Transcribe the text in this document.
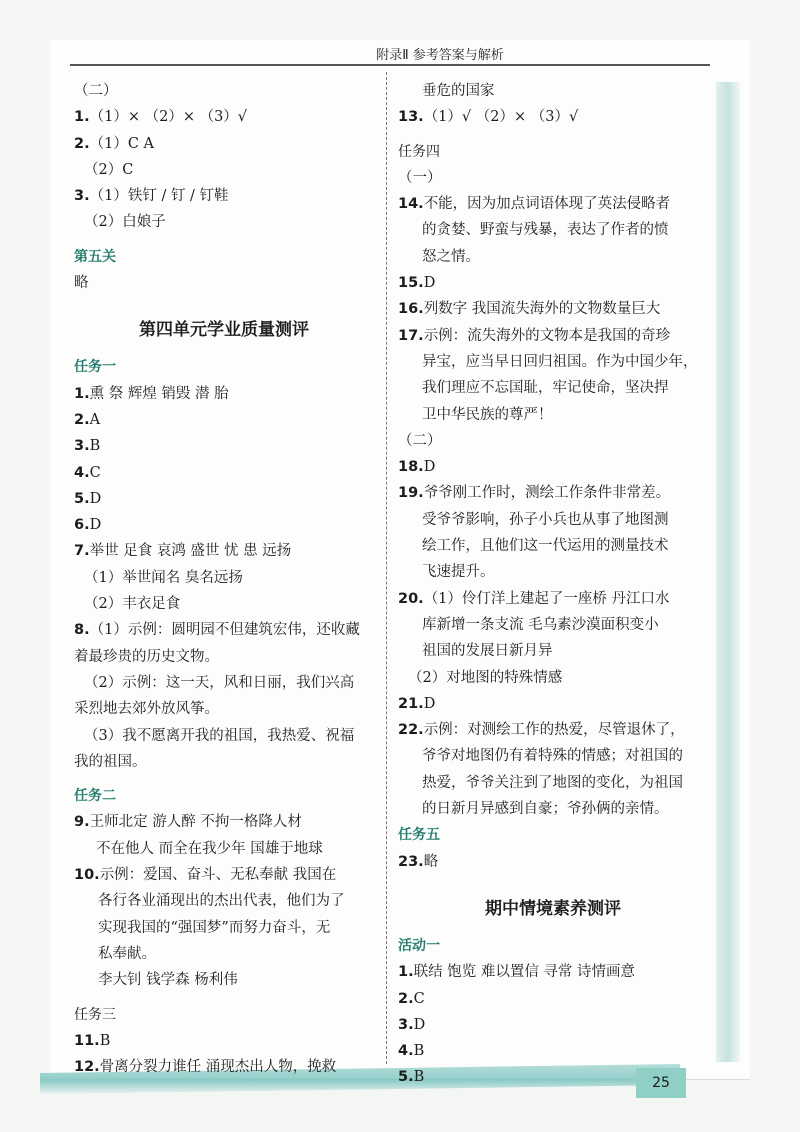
25
附录Ⅱ 参考答案与解析
（二）
1.（1）× （2）× （3）√
2.（1）C A
（2）C
3.（1）铁钉 / 钉 / 钉鞋
（2）白娘子
第五关
略
第四单元学业质量测评
任务一
1.熏 祭 辉煌 销毁 潜 胎
2.A
3.B
4.C
5.D
6.D
7.举世 足食 哀鸿 盛世 忧 患 远扬
（1）举世闻名 臭名远扬
（2）丰衣足食
8.（1）示例：圆明园不但建筑宏伟，还收藏
着最珍贵的历史文物。
（2）示例：这一天，风和日丽，我们兴高
采烈地去郊外放风筝。
（3）我不愿离开我的祖国，我热爱、祝福
我的祖国。
任务二
9.王师北定 游人醉 不拘一格降人材
不在他人 而全在我少年 国雄于地球
10.示例：爱国、奋斗、无私奉献 我国在
各行各业涌现出的杰出代表，他们为了
实现我国的“强国梦”而努力奋斗，无
私奉献。
李大钊 钱学森 杨利伟
任务三
11.B
12.骨离分裂力谁任 涌现杰出人物，挽救
垂危的国家
13.（1）√ （2）× （3）√
任务四
（一）
14.不能，因为加点词语体现了英法侵略者
的贪婪、野蛮与残暴，表达了作者的愤
怒之情。
15.D
16.列数字 我国流失海外的文物数量巨大
17.示例：流失海外的文物本是我国的奇珍
异宝，应当早日回归祖国。作为中国少年，
我们理应不忘国耻，牢记使命，坚决捍
卫中华民族的尊严！
（二）
18.D
19.爷爷刚工作时，测绘工作条件非常差。
受爷爷影响，孙子小兵也从事了地图测
绘工作，且他们这一代运用的测量技术
飞速提升。
20.（1）伶仃洋上建起了一座桥 丹江口水
库新增一条支流 毛乌素沙漠面积变小
祖国的发展日新月异
（2）对地图的特殊情感
21.D
22.示例：对测绘工作的热爱，尽管退休了，
爷爷对地图仍有着特殊的情感；对祖国的
热爱，爷爷关注到了地图的变化，为祖国
的日新月异感到自豪；爷孙俩的亲情。
任务五
23.略
期中情境素养测评
活动一
1.联结 饱览 难以置信 寻常 诗情画意
2.C
3.D
4.B
5.B
